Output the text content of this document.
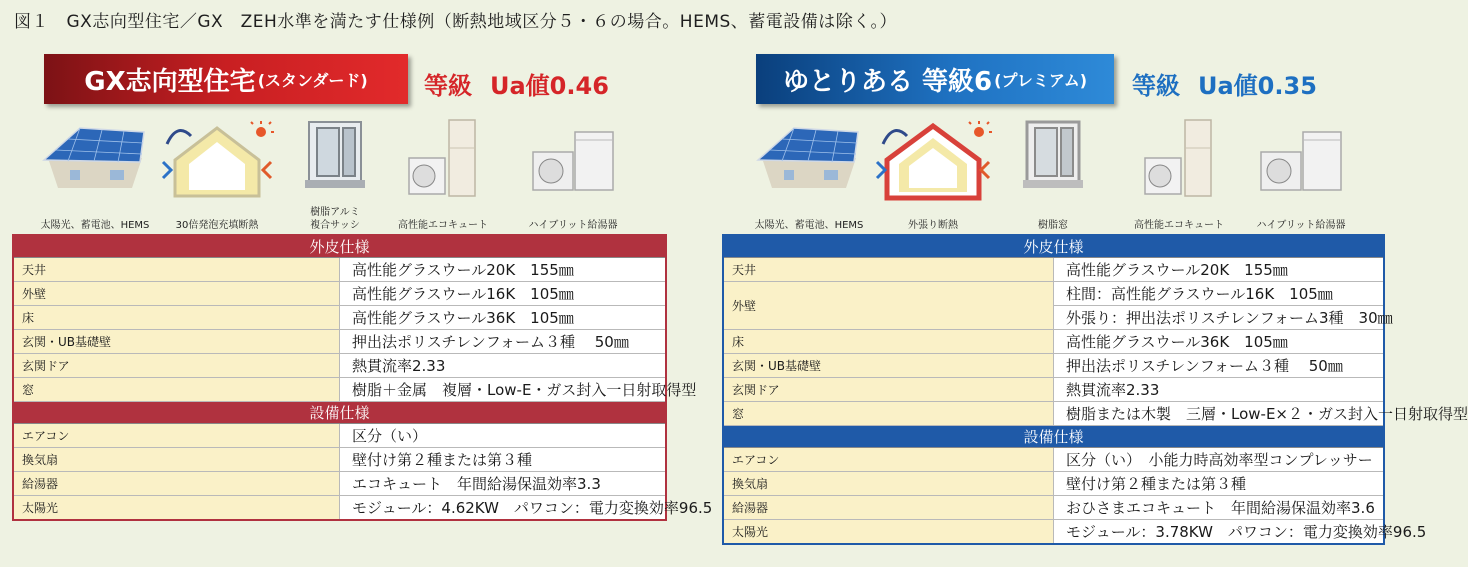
図１　GX志向型住宅／GX　ZEH水準を満たす仕様例（断熱地域区分５・６の場合。HEMS、蓄電設備は除く。）
GX志向型住宅 (スタンダード) 等級 Ua値0.46
太陽光、蓄電池、HEMS	30倍発泡充填断熱
樹脂アルミ
複合サッシ	高性能エコキュート	ハイブリット給湯器
外皮仕様	
天井	高性能グラスウール20K　155㎜
外壁	高性能グラスウール16K　105㎜
床	高性能グラスウール36K　105㎜
玄関・UB基礎壁	押出法ポリスチレンフォーム３種　 50㎜
玄関ドア	熱貫流率2.33
窓	樹脂＋金属　複層・Low-E・ガス封入一日射取得型
設備仕様	
エアコン	区分（い）
換気扇	壁付け第２種または第３種
給湯器	エコキュート　年間給湯保温効率3.3
太陽光	モジュール：4.62KW　パワコン：電力変換効率96.5
ゆとりある 等級6 (プレミアム) 等級 Ua値0.35
太陽光、蓄電池、HEMS	外張り断熱	樹脂窓	高性能エコキュート	ハイブリット給湯器
外皮仕様	
天井	高性能グラスウール20K　155㎜
外壁	柱間：高性能グラスウール16K　105㎜
	外張り：押出法ポリスチレンフォーム3種　30㎜
床	高性能グラスウール36K　105㎜
玄関・UB基礎壁	押出法ポリスチレンフォーム３種　 50㎜
玄関ドア	熱貫流率2.33
窓	樹脂または木製　三層・Low-E×２・ガス封入一日射取得型
設備仕様	
エアコン	区分（い）　小能力時高効率型コンプレッサー
換気扇	壁付け第２種または第３種
給湯器	おひさまエコキュート　年間給湯保温効率3.6
太陽光	モジュール：3.78KW　パワコン：電力変換効率96.5
